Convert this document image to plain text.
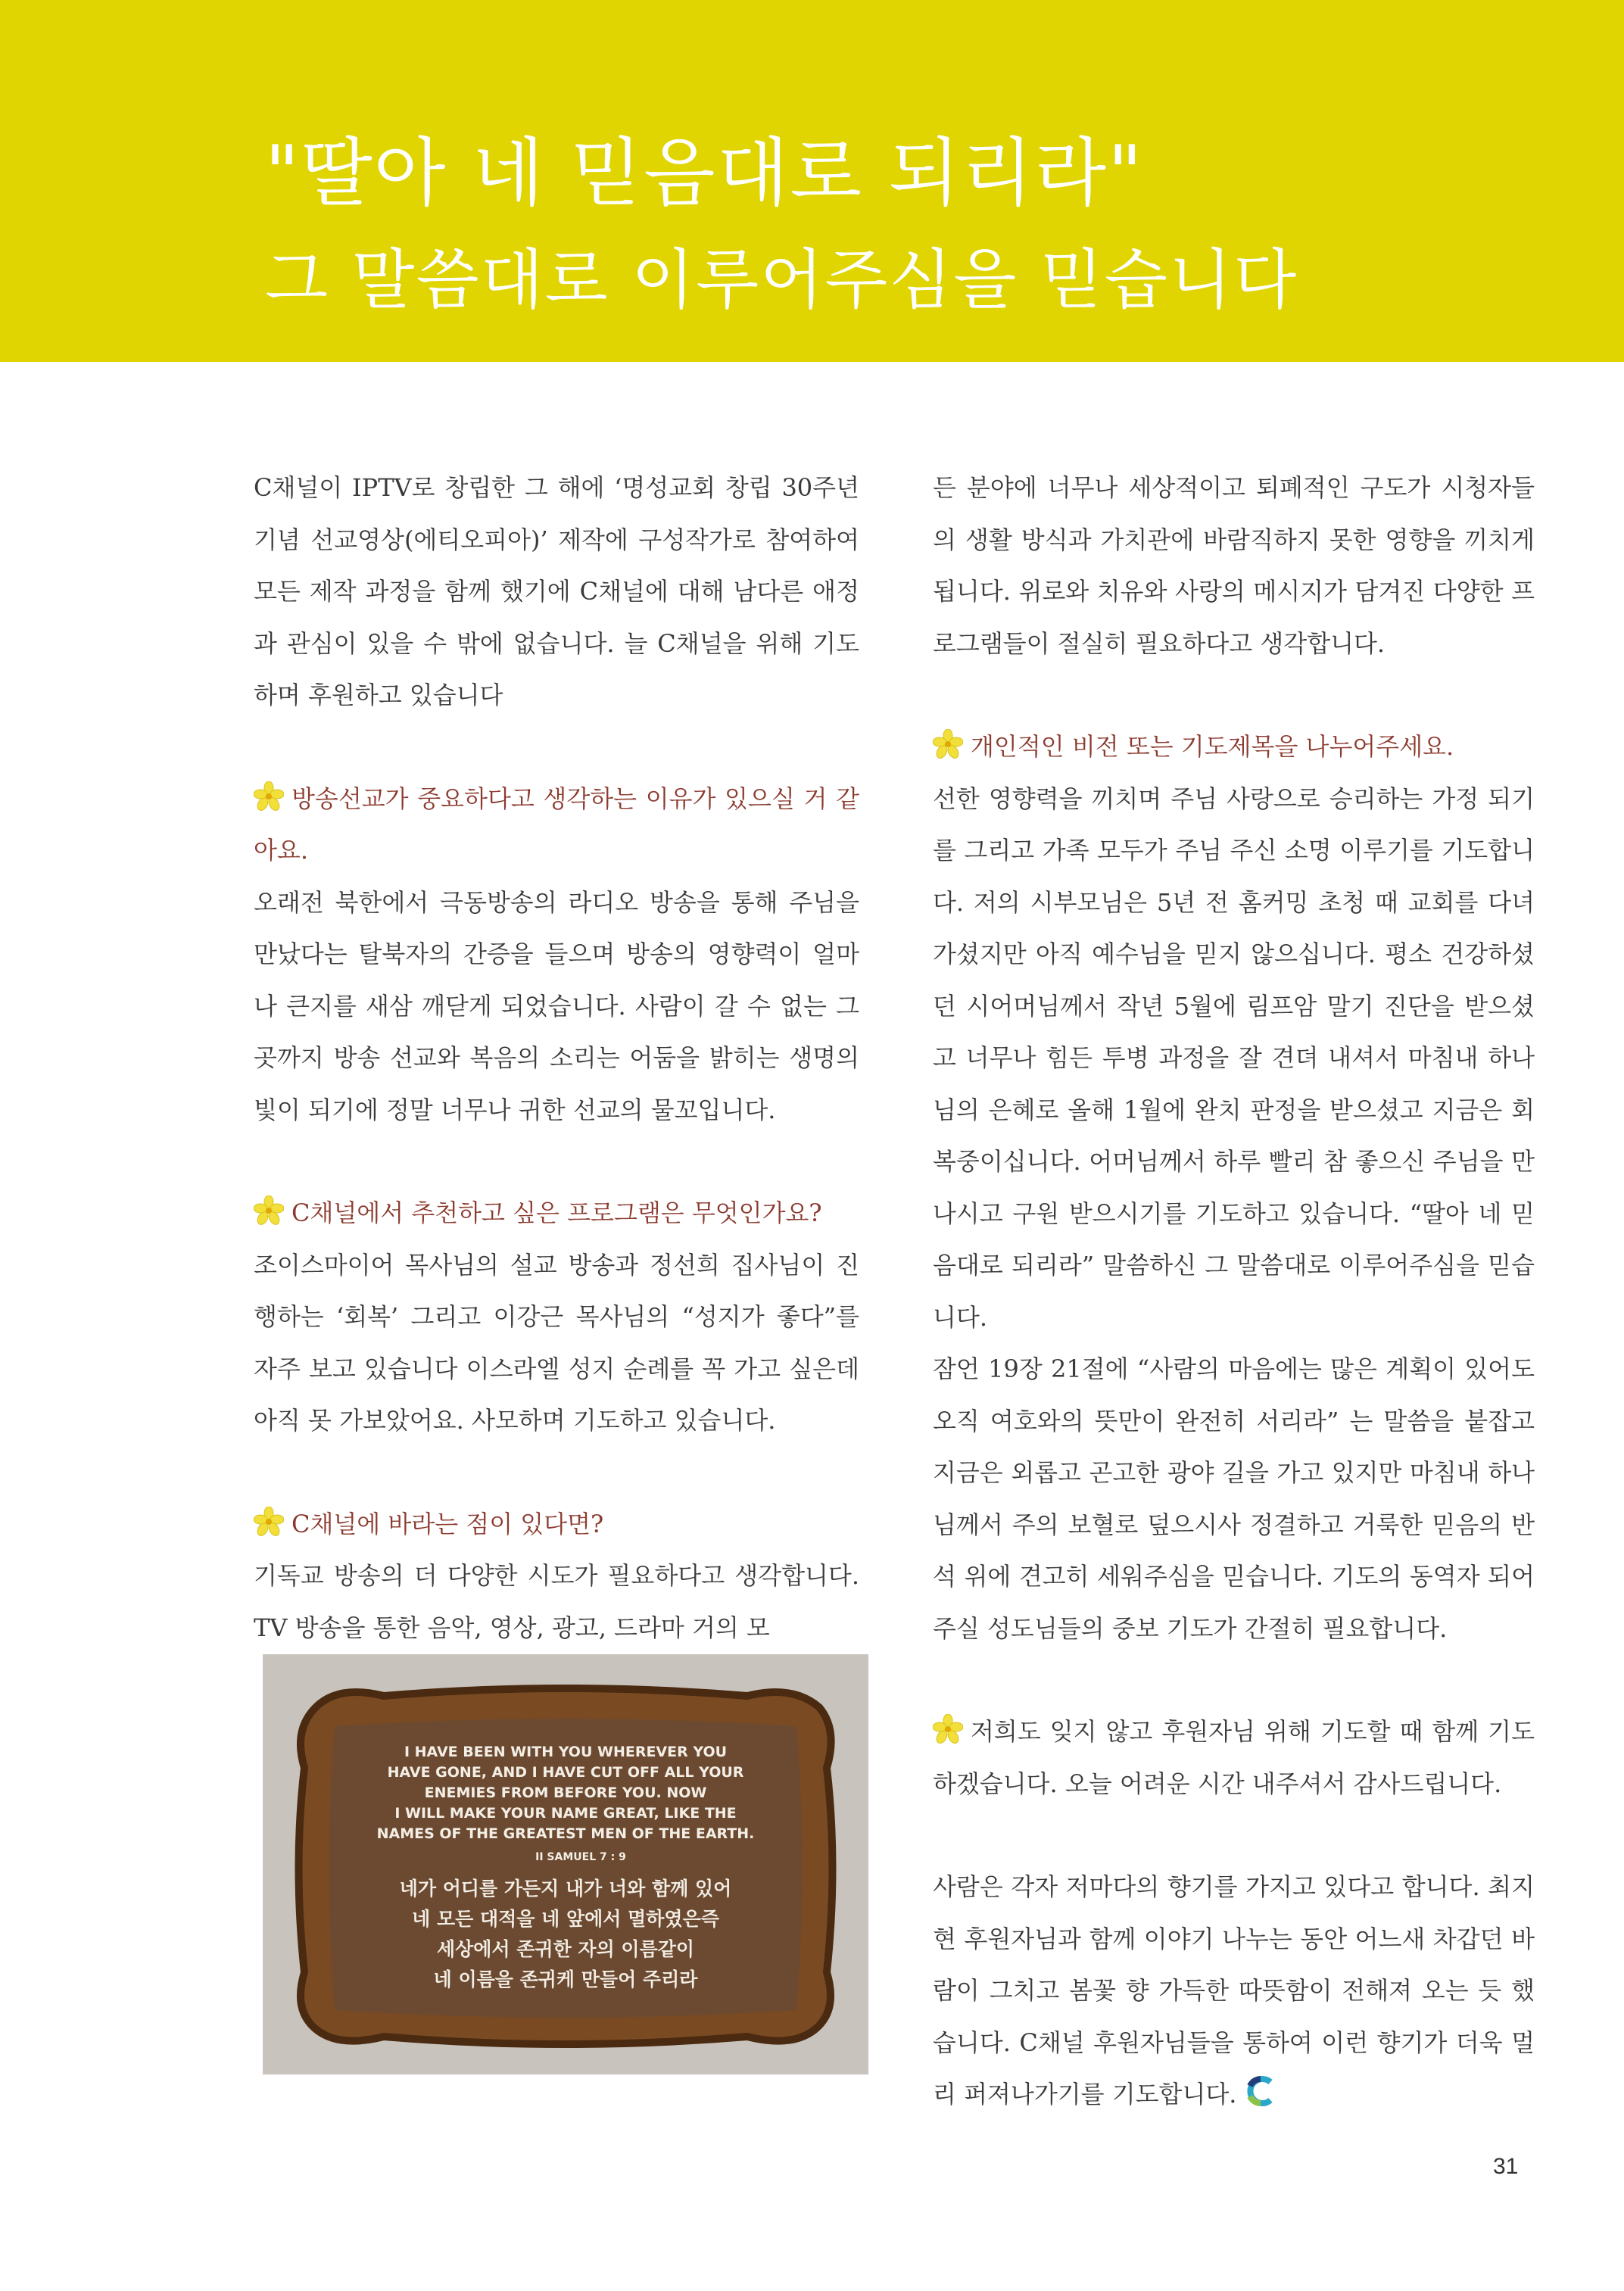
"딸아 네 믿음대로 되리라"
그 말씀대로 이루어주심을 믿습니다

C채널이 IPTV로 창립한 그 해에 ‘명성교회 창립 30주년 기념 선교영상(에티오피아)’ 제작에 구성작가로 참여하여 모든 제작 과정을 함께 했기에 C채널에 대해 남다른 애정과 관심이 있을 수 밖에 없습니다. 늘 C채널을 위해 기도하며 후원하고 있습니다

방송선교가 중요하다고 생각하는 이유가 있으실 거 같아요.

오래전 북한에서 극동방송의 라디오 방송을 통해 주님을 만났다는 탈북자의 간증을 들으며 방송의 영향력이 얼마나 큰지를 새삼 깨닫게 되었습니다. 사람이 갈 수 없는 그 곳까지 방송 선교와 복음의 소리는 어둠을 밝히는 생명의 빛이 되기에 정말 너무나 귀한 선교의 물꼬입니다.

C채널에서 추천하고 싶은 프로그램은 무엇인가요?

조이스마이어 목사님의 설교 방송과 정선희 집사님이 진행하는 ‘회복’ 그리고 이강근 목사님의 “성지가 좋다”를 자주 보고 있습니다 이스라엘 성지 순례를 꼭 가고 싶은데 아직 못 가보았어요. 사모하며 기도하고 있습니다.

C채널에 바라는 점이 있다면?

기독교 방송의 더 다양한 시도가 필요하다고 생각합니다. TV 방송을 통한 음악, 영상, 광고, 드라마 거의 모

I HAVE BEEN WITH YOU WHEREVER YOU
HAVE GONE, AND I HAVE CUT OFF ALL YOUR
ENEMIES FROM BEFORE YOU. NOW
I WILL MAKE YOUR NAME GREAT, LIKE THE
NAMES OF THE GREATEST MEN OF THE EARTH.
II SAMUEL 7 : 9
네가 어디를 가든지 내가 너와 함께 있어
네 모든 대적을 네 앞에서 멸하였은즉
세상에서 존귀한 자의 이름같이
네 이름을 존귀케 만들어 주리라

든 분야에 너무나 세상적이고 퇴폐적인 구도가 시청자들의 생활 방식과 가치관에 바람직하지 못한 영향을 끼치게 됩니다. 위로와 치유와 사랑의 메시지가 담겨진 다양한 프로그램들이 절실히 필요하다고 생각합니다.

개인적인 비전 또는 기도제목을 나누어주세요.

선한 영향력을 끼치며 주님 사랑으로 승리하는 가정 되기를 그리고 가족 모두가 주님 주신 소명 이루기를 기도합니다. 저의 시부모님은 5년 전 홈커밍 초청 때 교회를 다녀가셨지만 아직 예수님을 믿지 않으십니다. 평소 건강하셨던 시어머님께서 작년 5월에 림프암 말기 진단을 받으셨고 너무나 힘든 투병 과정을 잘 견뎌 내셔서 마침내 하나님의 은혜로 올해 1월에 완치 판정을 받으셨고 지금은 회복중이십니다. 어머님께서 하루 빨리 참 좋으신 주님을 만나시고 구원 받으시기를 기도하고 있습니다. “딸아 네 믿음대로 되리라” 말씀하신 그 말씀대로 이루어주심을 믿습니다.

잠언 19장 21절에 “사람의 마음에는 많은 계획이 있어도 오직 여호와의 뜻만이 완전히 서리라” 는 말씀을 붙잡고 지금은 외롭고 곤고한 광야 길을 가고 있지만 마침내 하나님께서 주의 보혈로 덮으시사 정결하고 거룩한 믿음의 반석 위에 견고히 세워주심을 믿습니다. 기도의 동역자 되어 주실 성도님들의 중보 기도가 간절히 필요합니다.

저희도 잊지 않고 후원자님 위해 기도할 때 함께 기도하겠습니다. 오늘 어려운 시간 내주셔서 감사드립니다.

사람은 각자 저마다의 향기를 가지고 있다고 합니다. 최지현 후원자님과 함께 이야기 나누는 동안 어느새 차갑던 바람이 그치고 봄꽃 향 가득한 따뜻함이 전해져 오는 듯 했습니다. C채널 후원자님들을 통하여 이런 향기가 더욱 멀리 퍼져나가기를 기도합니다.

31
